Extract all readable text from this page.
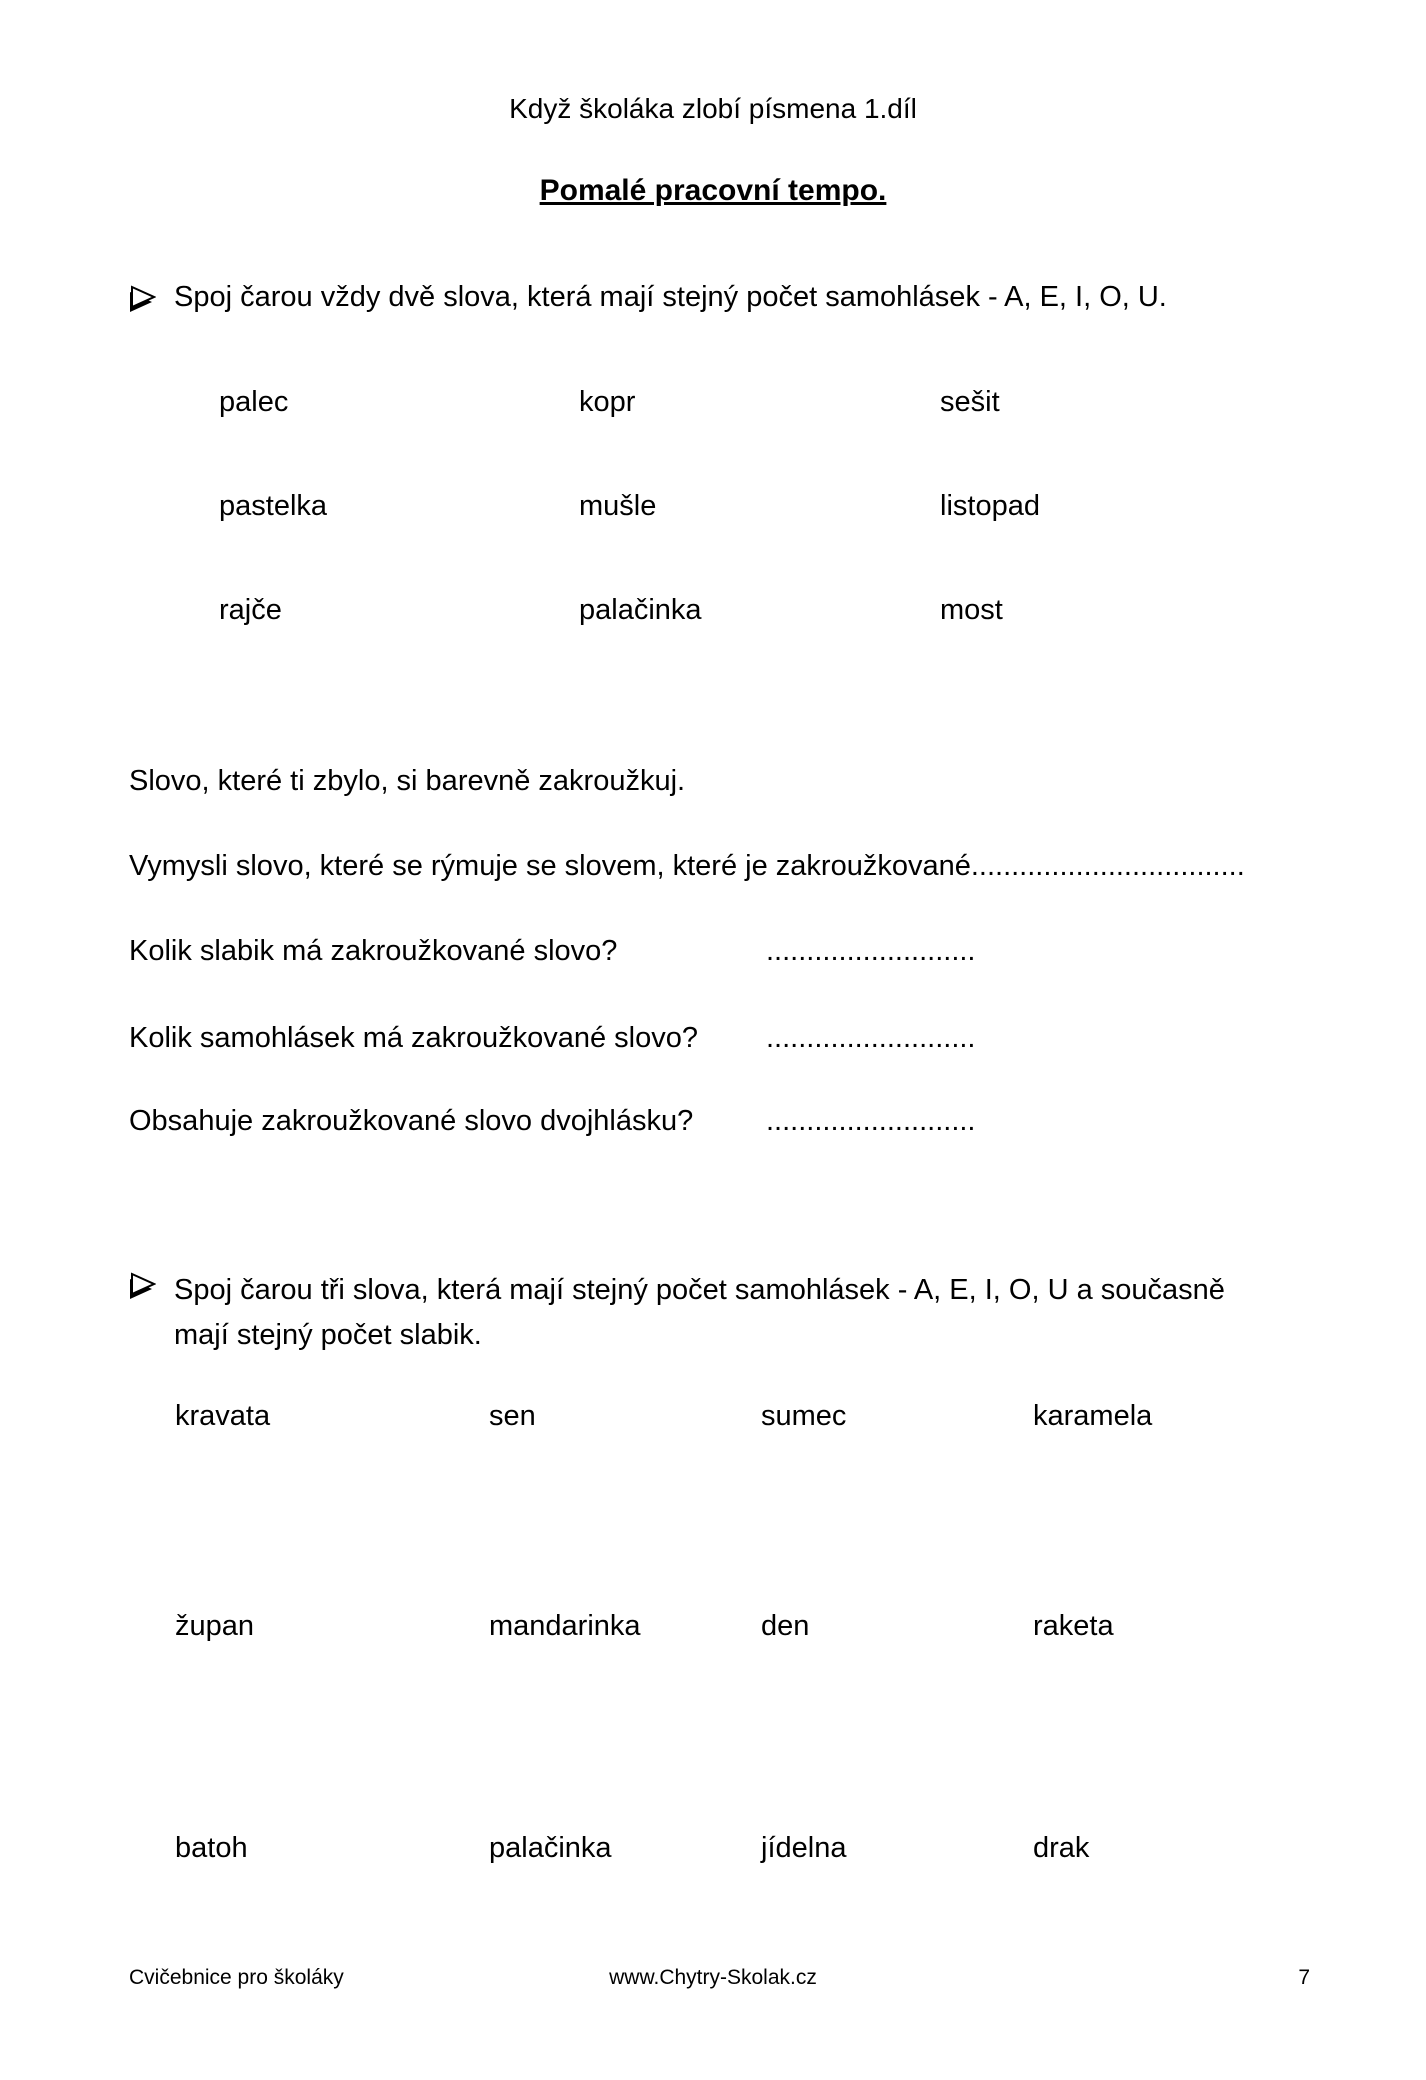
Když školáka zlobí písmena 1.díl
Pomalé pracovní tempo.
Spoj čarou vždy dvě slova, která mají stejný počet samohlásek - A, E, I, O, U.
palec	kopr	sešit
pastelka	mušle	listopad
rajče	palačinka	most
Slovo, které ti zbylo, si barevně zakroužkuj.
Vymysli slovo, které se rýmuje se slovem, které je zakroužkované..................................
Kolik slabik má zakroužkované slovo?	..........................
Kolik samohlásek má zakroužkované slovo? ..........................
Obsahuje zakroužkované slovo dvojhlásku?	..........................
Spoj čarou tři slova, která mají stejný počet samohlásek - A, E, I, O, U a současně
mají stejný počet slabik.
kravata	sen	sumec	karamela
župan	mandarinka	den	raketa
batoh	palačinka	jídelna	drak
Cvičebnice pro školáky	www.Chytry-Skolak.cz	7
